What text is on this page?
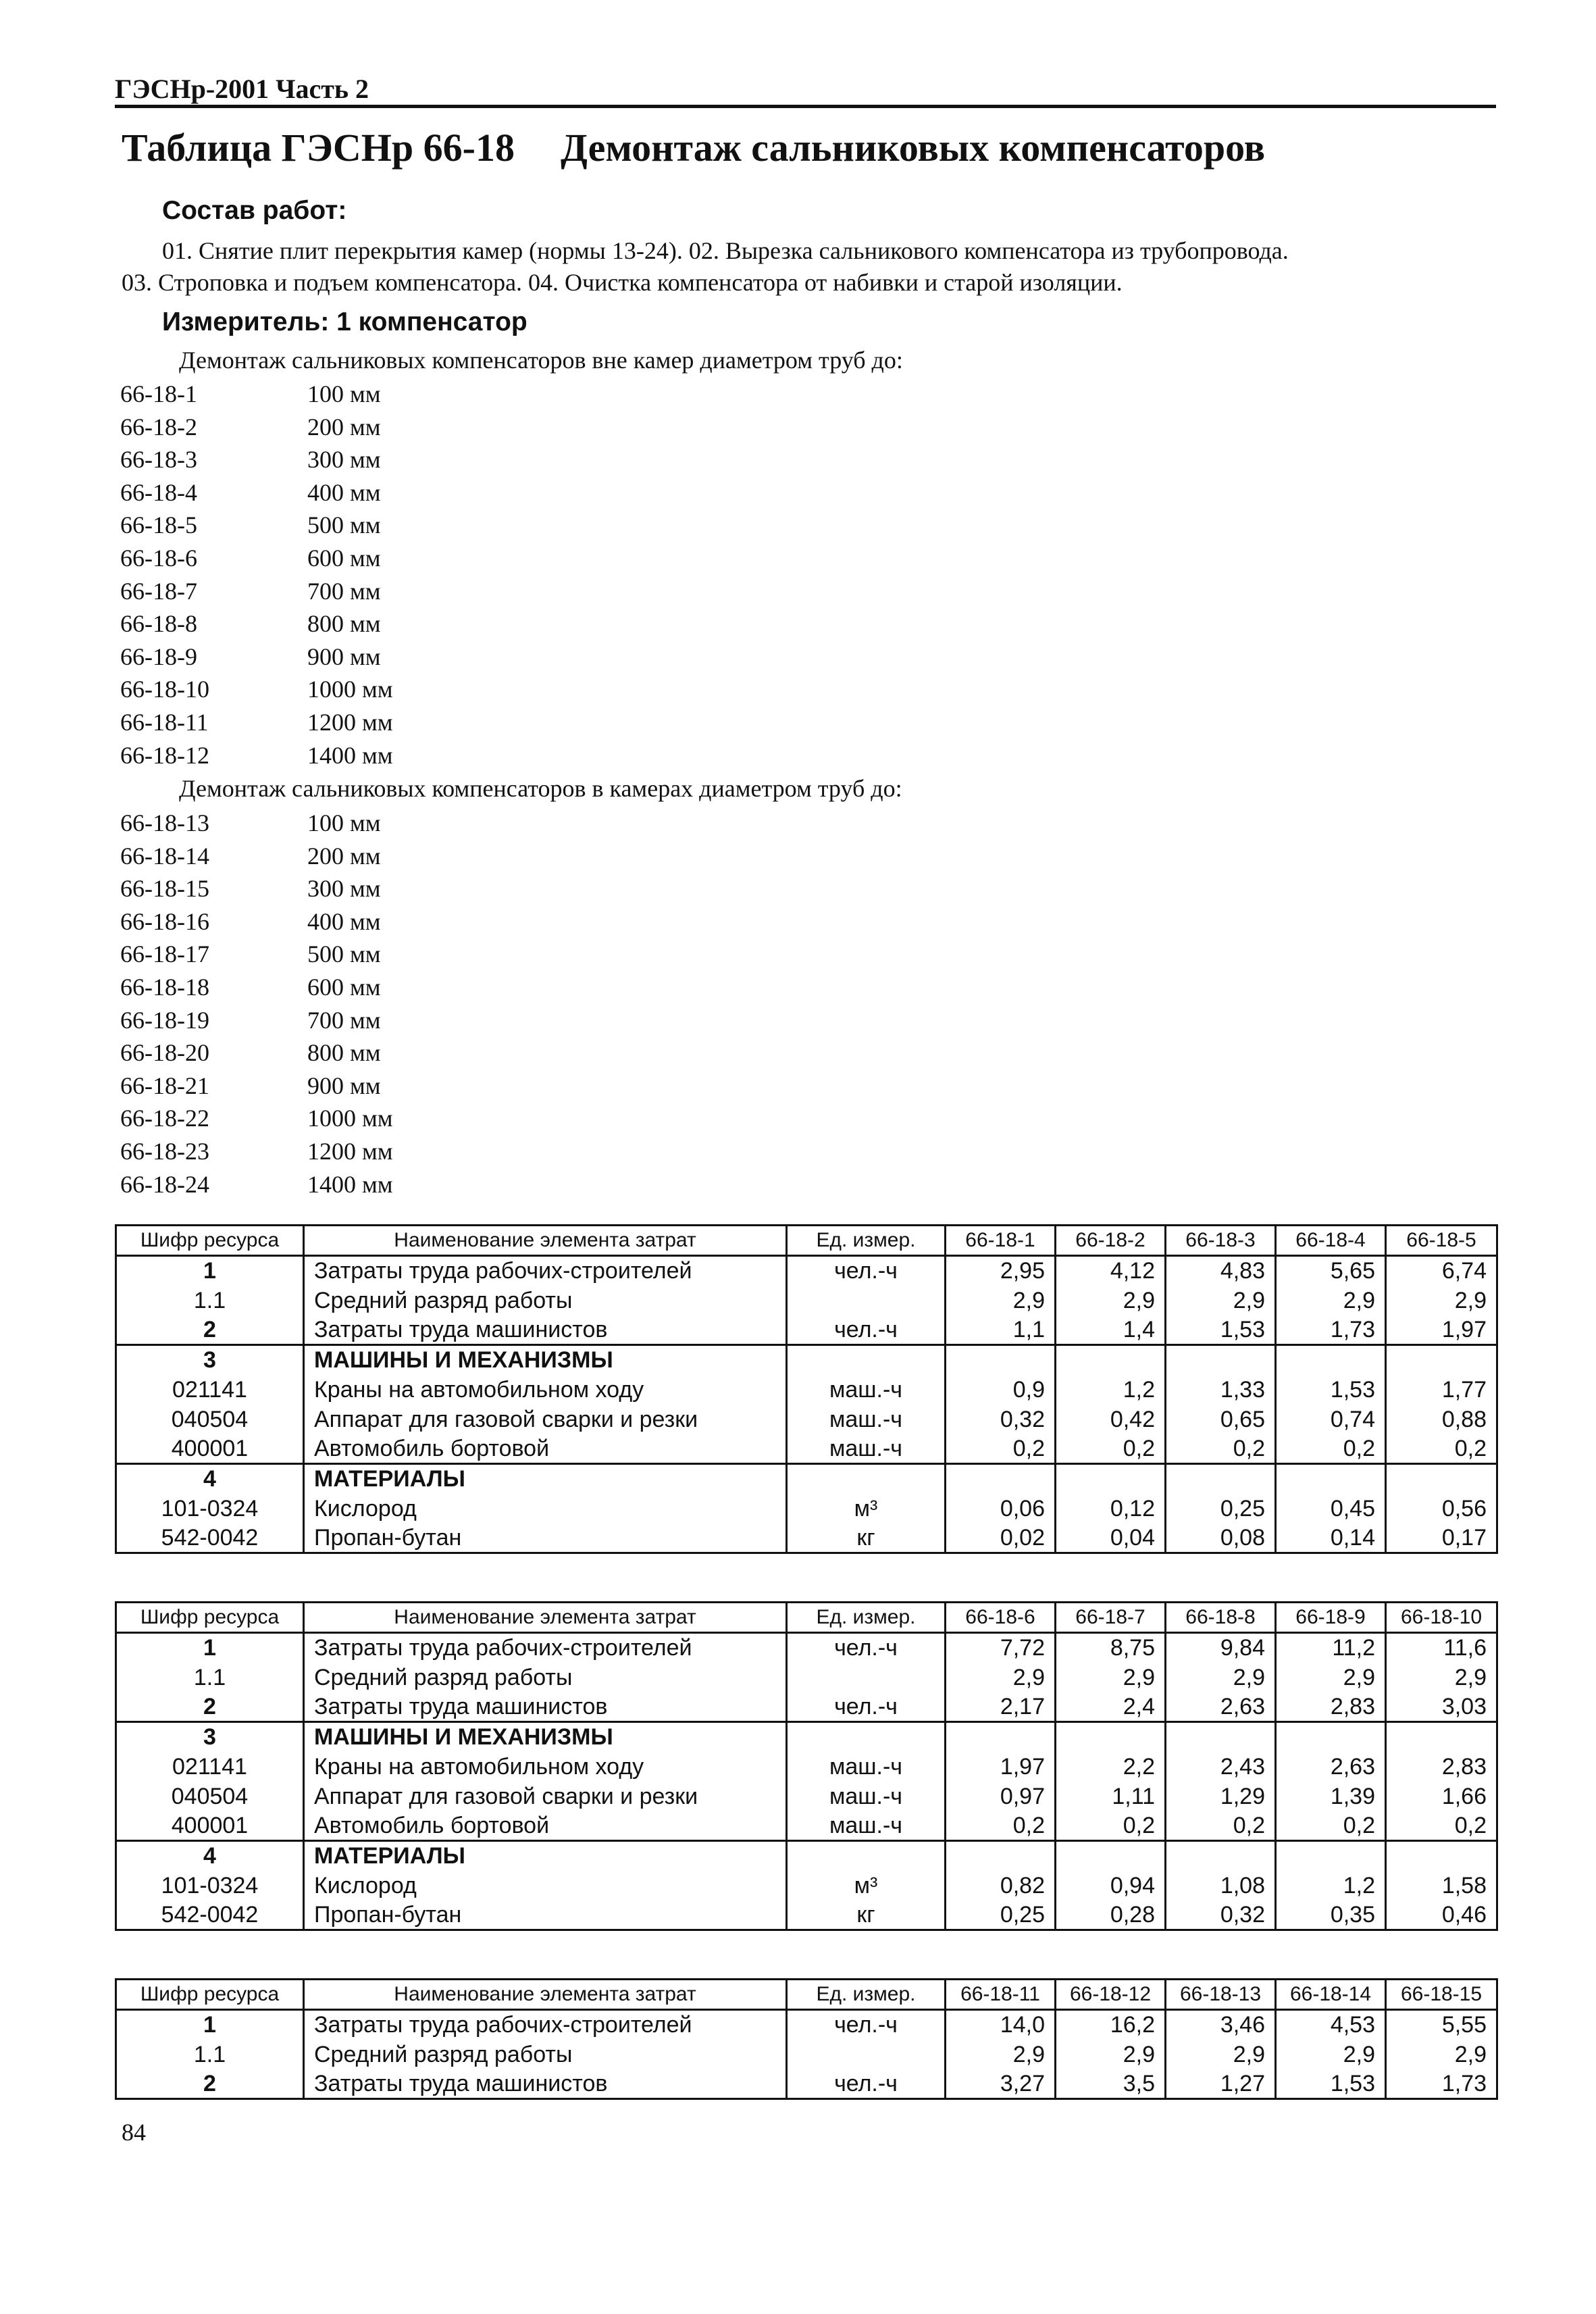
ГЭСНр-2001 Часть 2
Таблица ГЭСНр 66-18 Демонтаж сальниковых компенсаторов
Состав работ:
01. Снятие плит перекрытия камер (нормы 13-24). 02. Вырезка сальникового компенсатора из трубопровода.
03. Строповка и подъем компенсатора. 04. Очистка компенсатора от набивки и старой изоляции.
Измеритель: 1 компенсатор
Демонтаж сальниковых компенсаторов вне камер диаметром труб до:
66-18-1	100 мм
66-18-2	200 мм
66-18-3	300 мм
66-18-4	400 мм
66-18-5	500 мм
66-18-6	600 мм
66-18-7	700 мм
66-18-8	800 мм
66-18-9	900 мм
66-18-10	1000 мм
66-18-11	1200 мм
66-18-12	1400 мм
Демонтаж сальниковых компенсаторов в камерах диаметром труб до:
66-18-13	100 мм
66-18-14	200 мм
66-18-15	300 мм
66-18-16	400 мм
66-18-17	500 мм
66-18-18	600 мм
66-18-19	700 мм
66-18-20	800 мм
66-18-21	900 мм
66-18-22	1000 мм
66-18-23	1200 мм
66-18-24	1400 мм
Шифр ресурса	Наименование элемента затрат	Ед. измер.	66-18-1	66-18-2	66-18-3	66-18-4	66-18-5
1	Затраты труда рабочих-строителей	чел.-ч	2,95	4,12	4,83	5,65	6,74
1.1	Средний разряд работы		2,9	2,9	2,9	2,9	2,9
2	Затраты труда машинистов	чел.-ч	1,1	1,4	1,53	1,73	1,97
3	МАШИНЫ И МЕХАНИЗМЫ						
021141	Краны на автомобильном ходу	маш.-ч	0,9	1,2	1,33	1,53	1,77
040504	Аппарат для газовой сварки и резки	маш.-ч	0,32	0,42	0,65	0,74	0,88
400001	Автомобиль бортовой	маш.-ч	0,2	0,2	0,2	0,2	0,2
4	МАТЕРИАЛЫ						
101-0324	Кислород	м³	0,06	0,12	0,25	0,45	0,56
542-0042	Пропан-бутан	кг	0,02	0,04	0,08	0,14	0,17
Шифр ресурса	Наименование элемента затрат	Ед. измер.	66-18-6	66-18-7	66-18-8	66-18-9	66-18-10
1	Затраты труда рабочих-строителей	чел.-ч	7,72	8,75	9,84	11,2	11,6
1.1	Средний разряд работы		2,9	2,9	2,9	2,9	2,9
2	Затраты труда машинистов	чел.-ч	2,17	2,4	2,63	2,83	3,03
3	МАШИНЫ И МЕХАНИЗМЫ						
021141	Краны на автомобильном ходу	маш.-ч	1,97	2,2	2,43	2,63	2,83
040504	Аппарат для газовой сварки и резки	маш.-ч	0,97	1,11	1,29	1,39	1,66
400001	Автомобиль бортовой	маш.-ч	0,2	0,2	0,2	0,2	0,2
4	МАТЕРИАЛЫ						
101-0324	Кислород	м³	0,82	0,94	1,08	1,2	1,58
542-0042	Пропан-бутан	кг	0,25	0,28	0,32	0,35	0,46
Шифр ресурса	Наименование элемента затрат	Ед. измер.	66-18-11	66-18-12	66-18-13	66-18-14	66-18-15
1	Затраты труда рабочих-строителей	чел.-ч	14,0	16,2	3,46	4,53	5,55
1.1	Средний разряд работы		2,9	2,9	2,9	2,9	2,9
2	Затраты труда машинистов	чел.-ч	3,27	3,5	1,27	1,53	1,73
84
